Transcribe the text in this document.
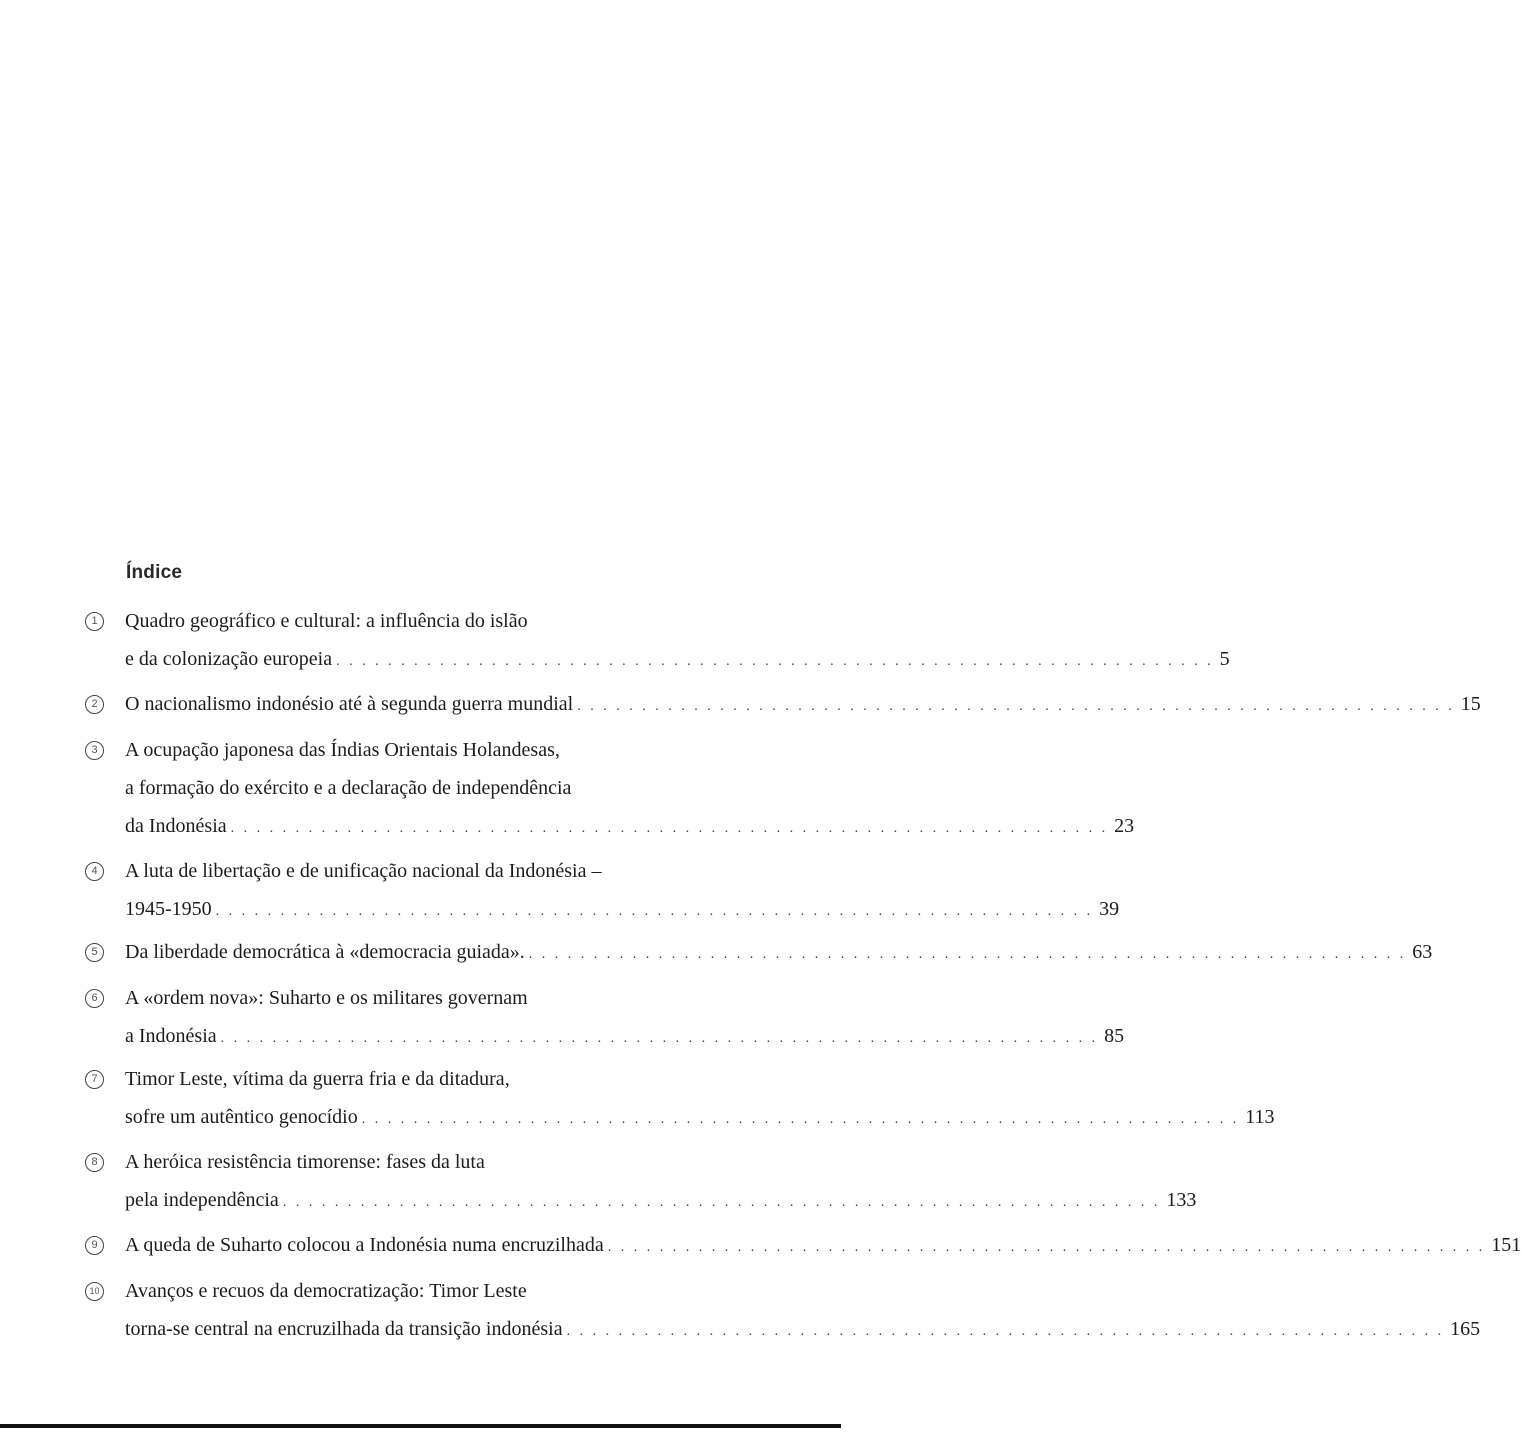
Índice
1	Quadro geográfico e cultural: a influência do islão
e da colonização europeia . . . . . . . . . . . . . . . . . . . . . . . . . . . . . . . . . . . . . . . . . . . . . . . . . . . . . . . . . . . . . . . . . . . . 5
2	O nacionalismo indonésio até à segunda guerra mundial . . . . . . . . . . . . . . . . . . . . . . . . . . . . . . . . . . . . . . . . . . . . . . . . . . . . . . . . . . . . . . . . . . . . 15
3	A ocupação japonesa das Índias Orientais Holandesas,
a formação do exército e a declaração de independência
da Indonésia . . . . . . . . . . . . . . . . . . . . . . . . . . . . . . . . . . . . . . . . . . . . . . . . . . . . . . . . . . . . . . . . . . . . 23
4	A luta de libertação e de unificação nacional da Indonésia –
1945-1950 . . . . . . . . . . . . . . . . . . . . . . . . . . . . . . . . . . . . . . . . . . . . . . . . . . . . . . . . . . . . . . . . . . . . 39
5	Da liberdade democrática à «democracia guiada». . . . . . . . . . . . . . . . . . . . . . . . . . . . . . . . . . . . . . . . . . . . . . . . . . . . . . . . . . . . . . . . . . . . . 63
6	A «ordem nova»: Suharto e os militares governam
a Indonésia . . . . . . . . . . . . . . . . . . . . . . . . . . . . . . . . . . . . . . . . . . . . . . . . . . . . . . . . . . . . . . . . . . . . 85
7	Timor Leste, vítima da guerra fria e da ditadura,
sofre um autêntico genocídio . . . . . . . . . . . . . . . . . . . . . . . . . . . . . . . . . . . . . . . . . . . . . . . . . . . . . . . . . . . . . . . . . . . . 113
8	A heróica resistência timorense: fases da luta
pela independência . . . . . . . . . . . . . . . . . . . . . . . . . . . . . . . . . . . . . . . . . . . . . . . . . . . . . . . . . . . . . . . . . . . . 133
9	A queda de Suharto colocou a Indonésia numa encruzilhada . . . . . . . . . . . . . . . . . . . . . . . . . . . . . . . . . . . . . . . . . . . . . . . . . . . . . . . . . . . . . . . . . . . . 151
10 Avanços e recuos da democratização: Timor Leste
torna-se central na encruzilhada da transição indonésia . . . . . . . . . . . . . . . . . . . . . . . . . . . . . . . . . . . . . . . . . . . . . . . . . . . . . . . . . . . . . . . . . . . . 165
